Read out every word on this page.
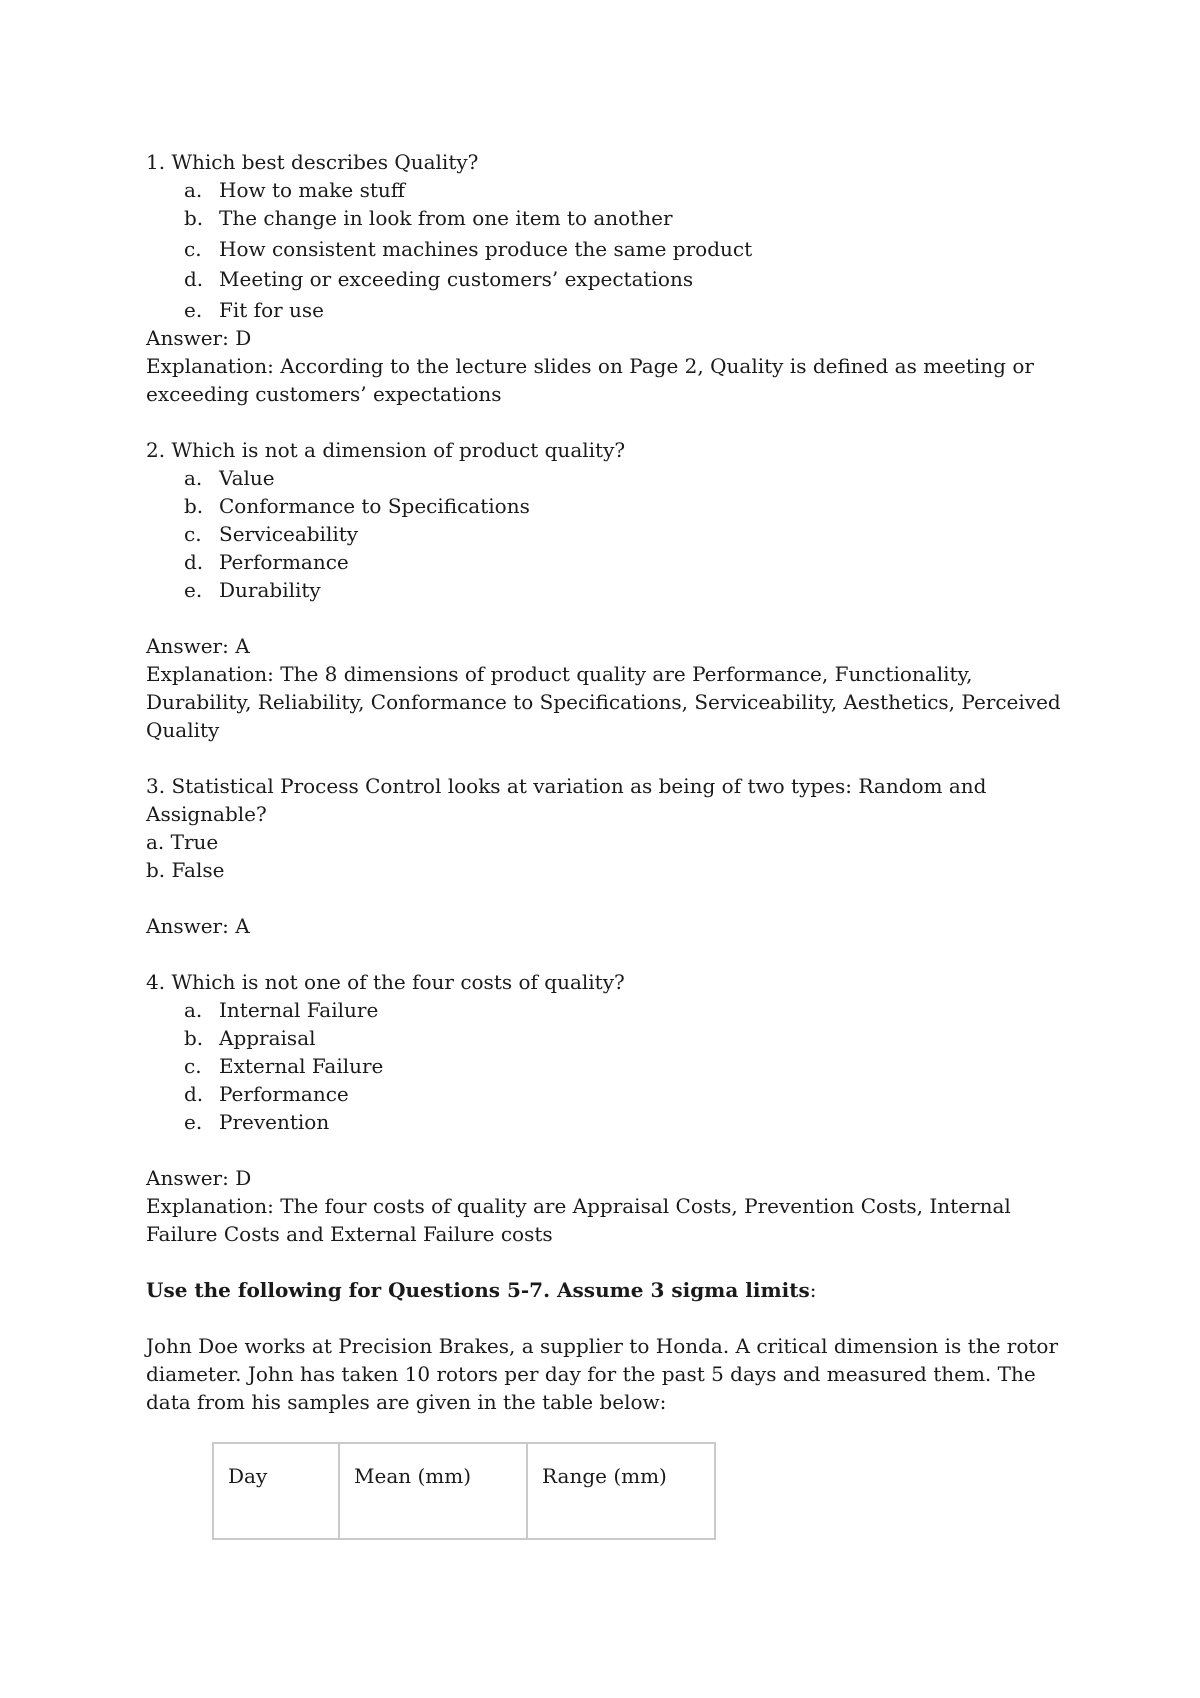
1. Which best describes Quality?

a. How to make stuff

b. The change in look from one item to another

c. How consistent machines produce the same product

d. Meeting or exceeding customers’ expectations

e. Fit for use

Answer: D

Explanation: According to the lecture slides on Page 2, Quality is defined as meeting or exceeding customers’ expectations

2. Which is not a dimension of product quality?

a. Value

b. Conformance to Specifications

c. Serviceability

d. Performance

e. Durability

Answer: A

Explanation: The 8 dimensions of product quality are Performance, Functionality, Durability, Reliability, Conformance to Specifications, Serviceability, Aesthetics, Perceived Quality

3. Statistical Process Control looks at variation as being of two types: Random and Assignable?

a. True

b. False

Answer: A

4. Which is not one of the four costs of quality?

a. Internal Failure

b. Appraisal

c. External Failure

d. Performance

e. Prevention

Answer: D

Explanation: The four costs of quality are Appraisal Costs, Prevention Costs, Internal Failure Costs and External Failure costs

Use the following for Questions 5-7. Assume 3 sigma limits:

John Doe works at Precision Brakes, a supplier to Honda. A critical dimension is the rotor diameter. John has taken 10 rotors per day for the past 5 days and measured them. The data from his samples are given in the table below:

Day	Mean (mm)	Range (mm)
